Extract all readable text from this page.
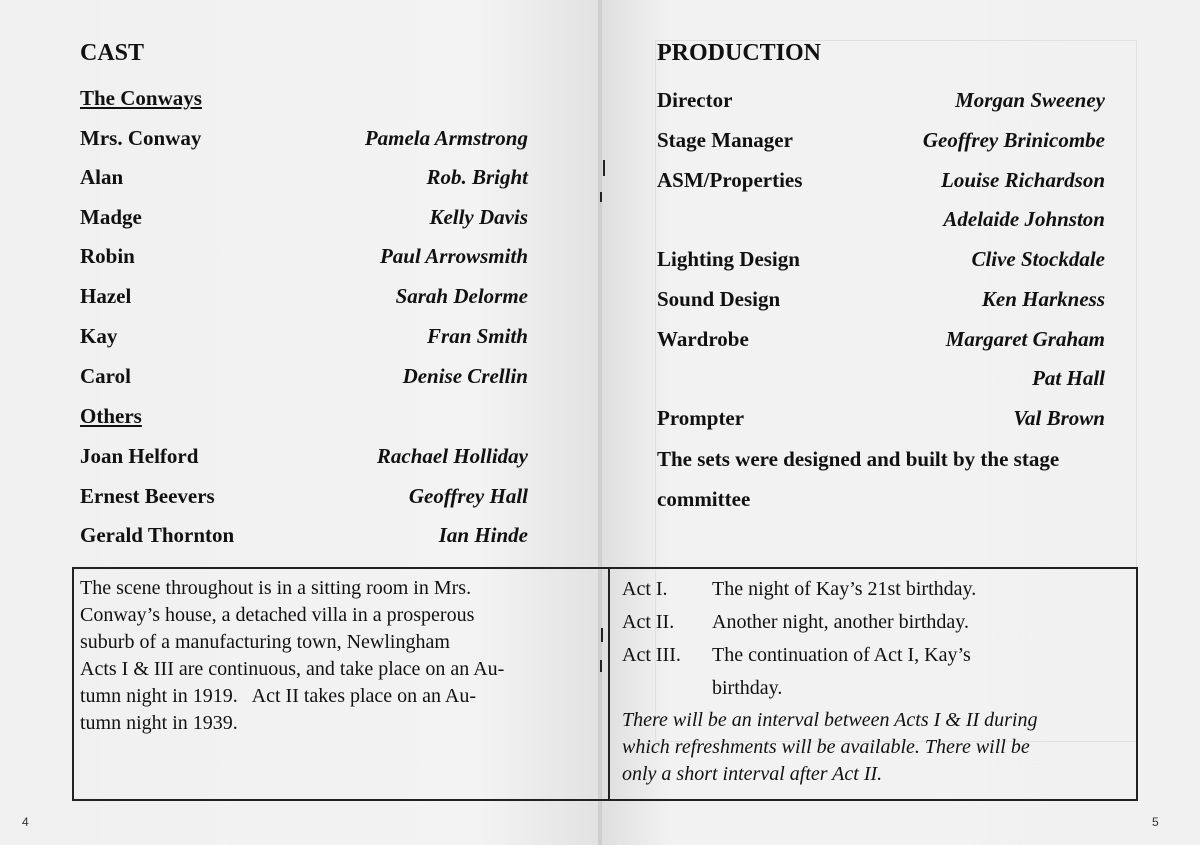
CAST
The Conways
Mrs. Conway	Pamela Armstrong
Alan	Rob. Bright
Madge	Kelly Davis
Robin	Paul Arrowsmith
Hazel	Sarah Delorme
Kay	Fran Smith
Carol	Denise Crellin
Others
Joan Helford	Rachael Holliday
Ernest Beevers	Geoffrey Hall
Gerald Thornton	Ian Hinde
PRODUCTION
Director	Morgan Sweeney
Stage Manager	Geoffrey Brinicombe
ASM/Properties	Louise Richardson
Adelaide Johnston
Lighting Design	Clive Stockdale
Sound Design	Ken Harkness
Wardrobe	Margaret Graham
Pat Hall
Prompter	Val Brown
The sets were designed and built by the stage
committee
The scene throughout is in a sitting room in Mrs.
Conway’s house, a detached villa in a prosperous
suburb of a manufacturing town, Newlingham
Acts I & III are continuous, and take place on an Au-
tumn night in 1919.   Act II takes place on an Au-
tumn night in 1939.
Act I. The night of Kay’s 21st birthday.
Act II. Another night, another birthday.
Act III. The continuation of Act I, Kay’s
birthday.
There will be an interval between Acts I & II during
which refreshments will be available. There will be
only a short interval after Act II.
4	5
